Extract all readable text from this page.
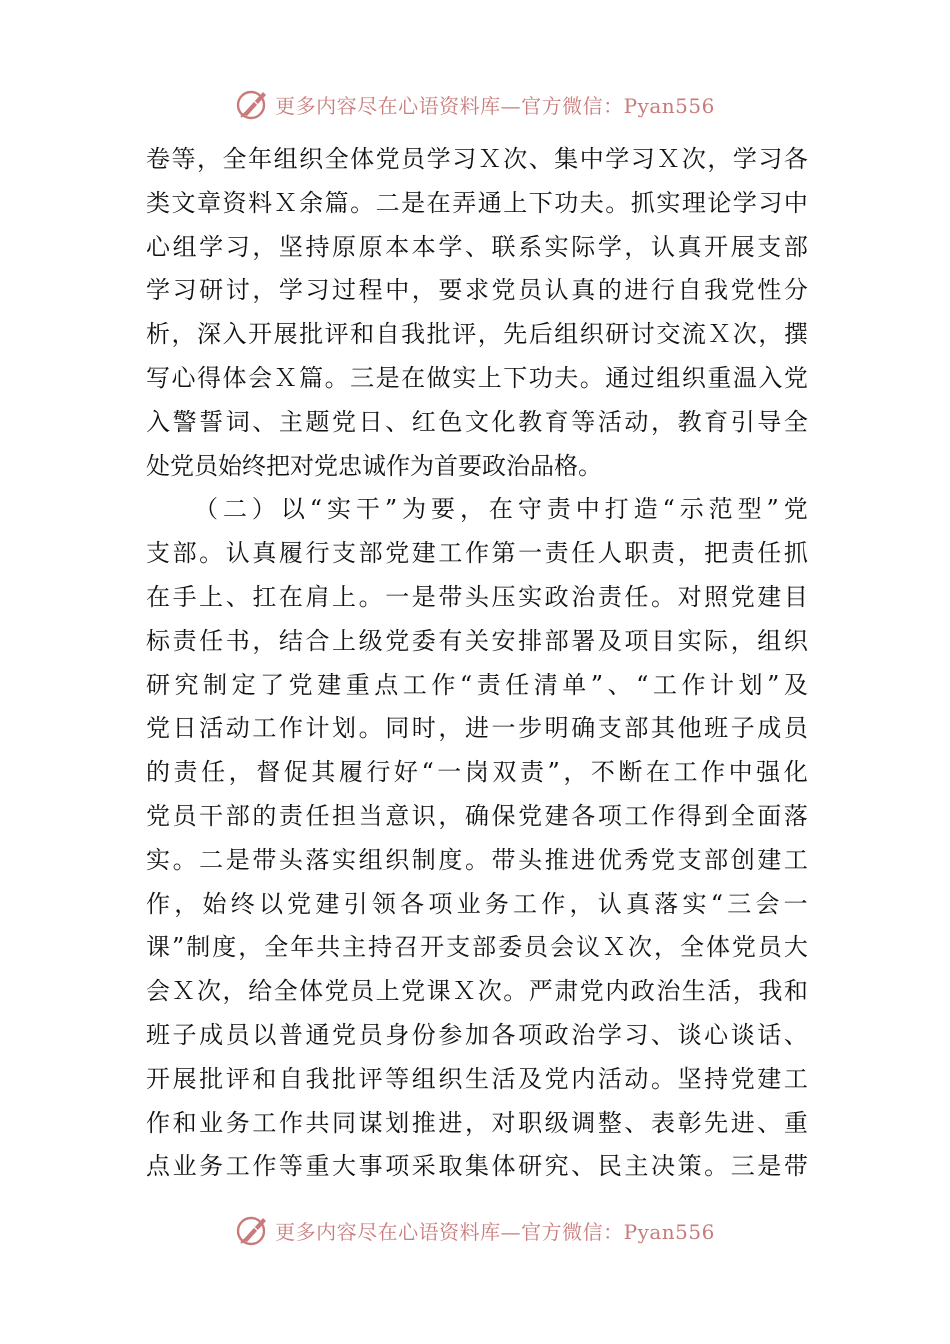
更多内容尽在心语资料库—官方微信：Pyan556
卷 等 ， 全 年 组 织 全 体 党 员 学 习 Ｘ 次 、 集 中 学 习 Ｘ 次 ， 学 习 各
类 文 章 资 料 Ｘ 余 篇 。 二 是 在 弄 通 上 下 功 夫 。 抓 实 理 论 学 习 中
心 组 学 习 ， 坚 持 原 原 本 本 学 、 联 系 实 际 学 ， 认 真 开 展 支 部
学 习 研 讨 ， 学 习 过 程 中 ， 要 求 党 员 认 真 的 进 行 自 我 党 性 分
析 ， 深 入 开 展 批 评 和 自 我 批 评 ， 先 后 组 织 研 讨 交 流 Ｘ 次 ， 撰
写 心 得 体 会 Ｘ 篇 。 三 是 在 做 实 上 下 功 夫 。 通 过 组 织 重 温 入 党
入 警 誓 词 、 主 题 党 日 、 红 色 文 化 教 育 等 活 动 ， 教 育 引 导 全
处党员始终把对党忠诚作为首要政治品格。
（ 二 ） 以 “ 实 干 ” 为 要 ， 在 守 责 中 打 造 “ 示 范 型 ” 党
支 部 。 认 真 履 行 支 部 党 建 工 作 第 一 责 任 人 职 责 ， 把 责 任 抓
在 手 上 、 扛 在 肩 上 。 一 是 带 头 压 实 政 治 责 任 。 对 照 党 建 目
标 责 任 书 ， 结 合 上 级 党 委 有 关 安 排 部 署 及 项 目 实 际 ， 组 织
研 究 制 定 了 党 建 重 点 工 作 “ 责 任 清 单 ” 、 “ 工 作 计 划 ” 及
党 日 活 动 工 作 计 划 。 同 时 ， 进 一 步 明 确 支 部 其 他 班 子 成 员
的 责 任 ， 督 促 其 履 行 好 “ 一 岗 双 责 ” ， 不 断 在 工 作 中 强 化
党 员 干 部 的 责 任 担 当 意 识 ， 确 保 党 建 各 项 工 作 得 到 全 面 落
实 。 二 是 带 头 落 实 组 织 制 度 。 带 头 推 进 优 秀 党 支 部 创 建 工
作 ， 始 终 以 党 建 引 领 各 项 业 务 工 作 ， 认 真 落 实 “ 三 会 一
课 ” 制 度 ， 全 年 共 主 持 召 开 支 部 委 员 会 议 Ｘ 次 ， 全 体 党 员 大
会 Ｘ 次 ， 给 全 体 党 员 上 党 课 Ｘ 次 。 严 肃 党 内 政 治 生 活 ， 我 和
班 子 成 员 以 普 通 党 员 身 份 参 加 各 项 政 治 学 习 、 谈 心 谈 话 、
开 展 批 评 和 自 我 批 评 等 组 织 生 活 及 党 内 活 动 。 坚 持 党 建 工
作 和 业 务 工 作 共 同 谋 划 推 进 ， 对 职 级 调 整 、 表 彰 先 进 、 重
点 业 务 工 作 等 重 大 事 项 采 取 集 体 研 究 、 民 主 决 策 。 三 是 带
更多内容尽在心语资料库—官方微信：Pyan556
